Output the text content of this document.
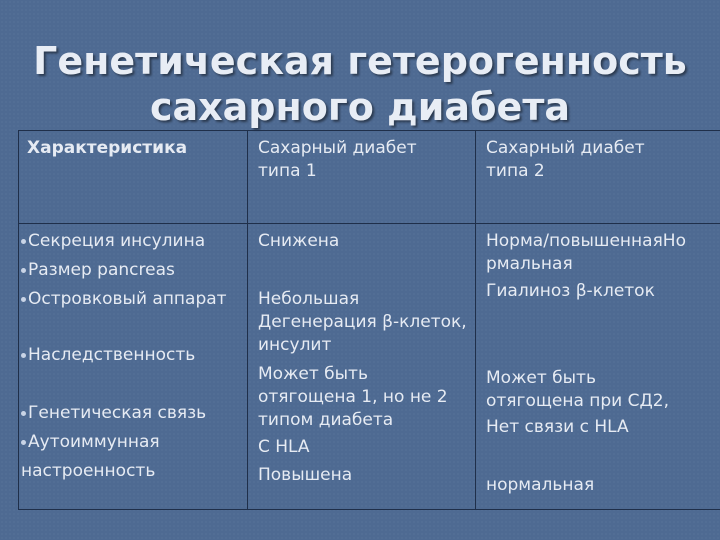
Генетическая гетерогенность
сахарного диабета
Характеристика	Сахарный диабет типа 1
Сахарный диабет типа 2
Секреция инсулина
Размер pancreas
Островковый аппарат
Наследственность
Генетическая связь
Аутоиммунная
настроенность
Снижена
Небольшая
Дегенерация β-клеток,
инсулит
Может быть
отягощена 1, но не 2
типом диабета
С HLA
Повышена
Норма/повышеннаяНо
рмальная
Гиалиноз β-клеток
Может быть
отягощена при СД2,
Нет связи с HLA
нормальная
